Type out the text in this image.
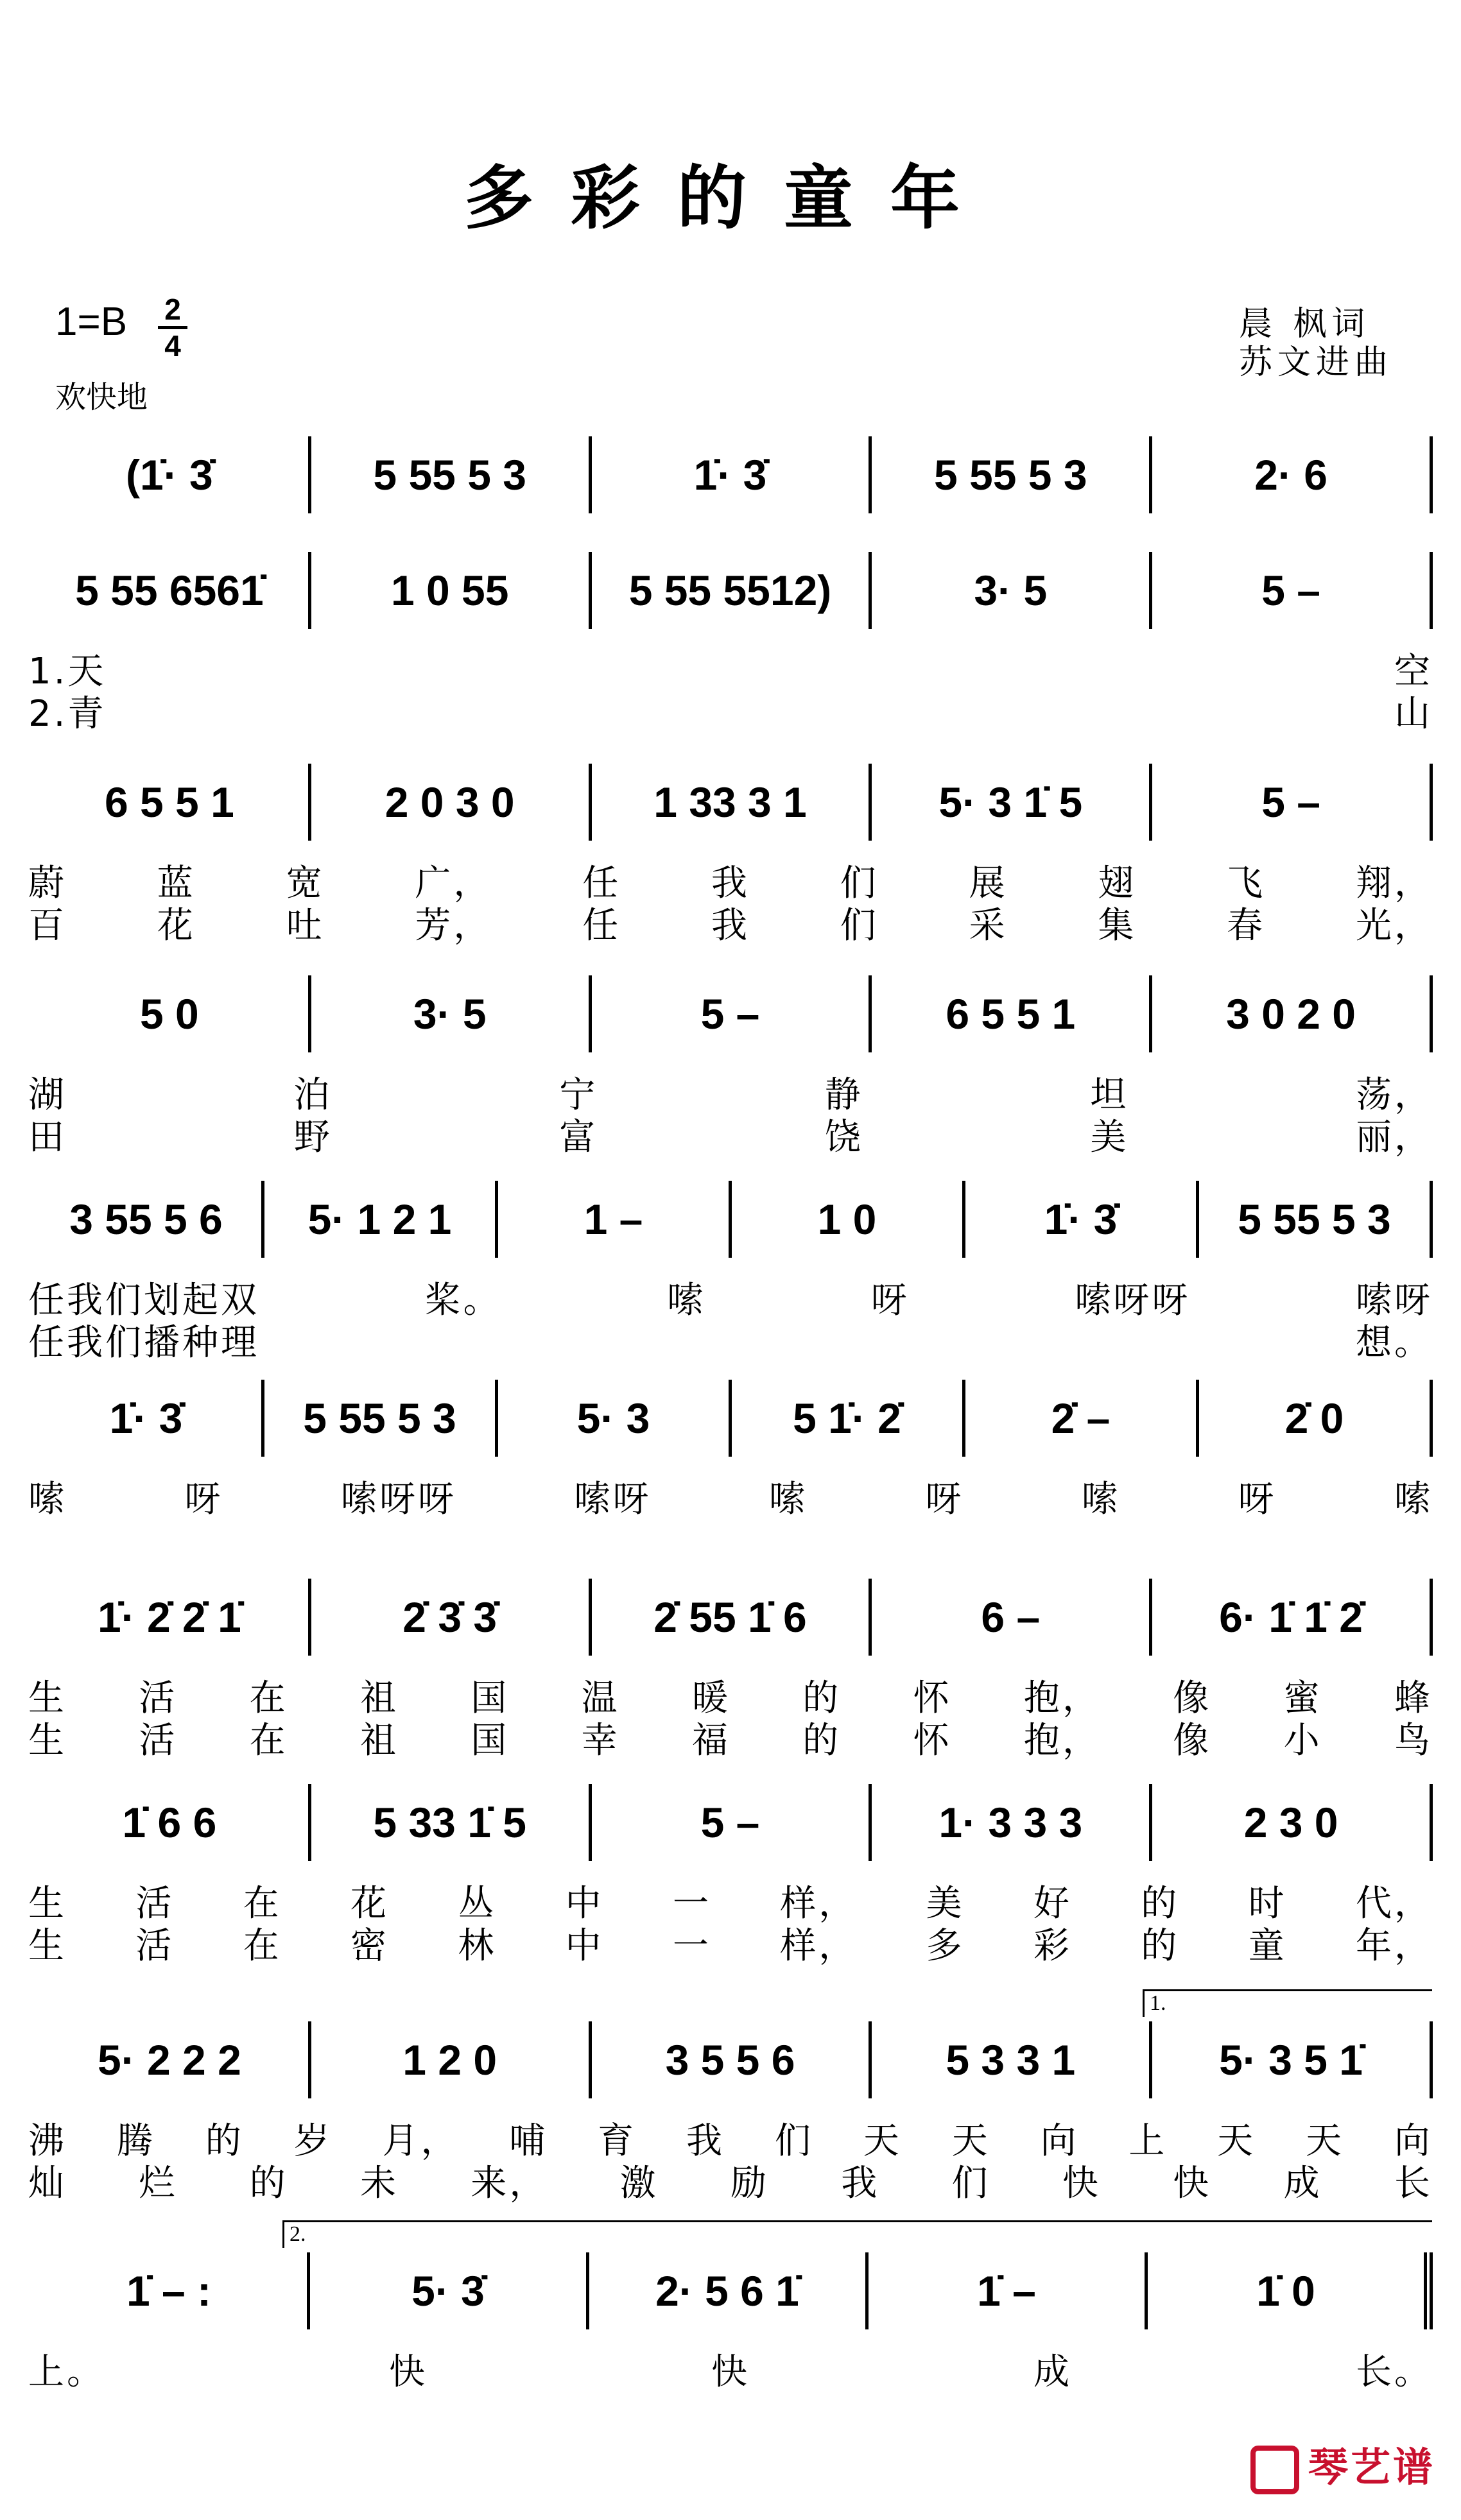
多彩的童年
1=B 2
4
欢快地
晨 枫词
苏文进曲
(1̇· 3̇	5 55 5 3	1̇· 3̇	5 55 5 3	2· 6
5 55 6561̇	1 0 55	5 55 5512)	3· 5	5 –
1.天	空
2.青	山
6 5 5 1	2 0 3 0	1 33 3 1	5· 3 1̇ 5	5 –
蔚	蓝	宽	广，	任	我	们	展	翅	飞	翔，
百	花	吐	芳，	任	我	们	采	集	春	光，
5 0	3· 5	5 –	6 5 5 1	3 0 2 0
湖	泊	宁	静	坦	荡，
田	野	富	饶	美	丽，
3 55 5 6	5· 1 2 1	1 –	1 0	1̇· 3̇	5 55 5 3
任我们划起双	桨。	嗦	呀	嗦呀呀	嗦呀
任我们播种理	想。
1̇· 3̇	5 55 5 3	5· 3	5 1̇· 2̇	2̇ –	2̇ 0
嗦	呀	嗦呀呀	嗦呀	嗦	呀	嗦	呀	嗦
1̇· 2̇ 2̇ 1̇	2̇ 3̇ 3̇	2̇ 55 1̇ 6	6 –	6· 1̇ 1̇ 2̇
生 活 在 祖 国 温 暖 的 怀 抱， 像 蜜 蜂
生 活 在 祖 国 幸 福 的 怀 抱， 像 小 鸟
1̇ 6 6	5 33 1̇ 5	5 –	1· 3 3 3	2 3 0
生 活 在 花 丛 中 一 样， 美 好 的 时 代，
生 活 在 密 林 中 一 样， 多 彩 的 童 年，
5· 2 2 2	1 2 0	3 5 5 6	5 3 3 1	5· 3 5 1̇
1.
沸 腾 的 岁 月， 哺 育 我 们 天 天 向 上 天 天 向
灿 烂 的 未 来， 激 励 我 们 快 快 成 长
1̇ – :	5· 3̇	2· 5 6 1̇	1̇ –	1̇ 0
2.
上。	快	快	成	长。
琴艺谱
